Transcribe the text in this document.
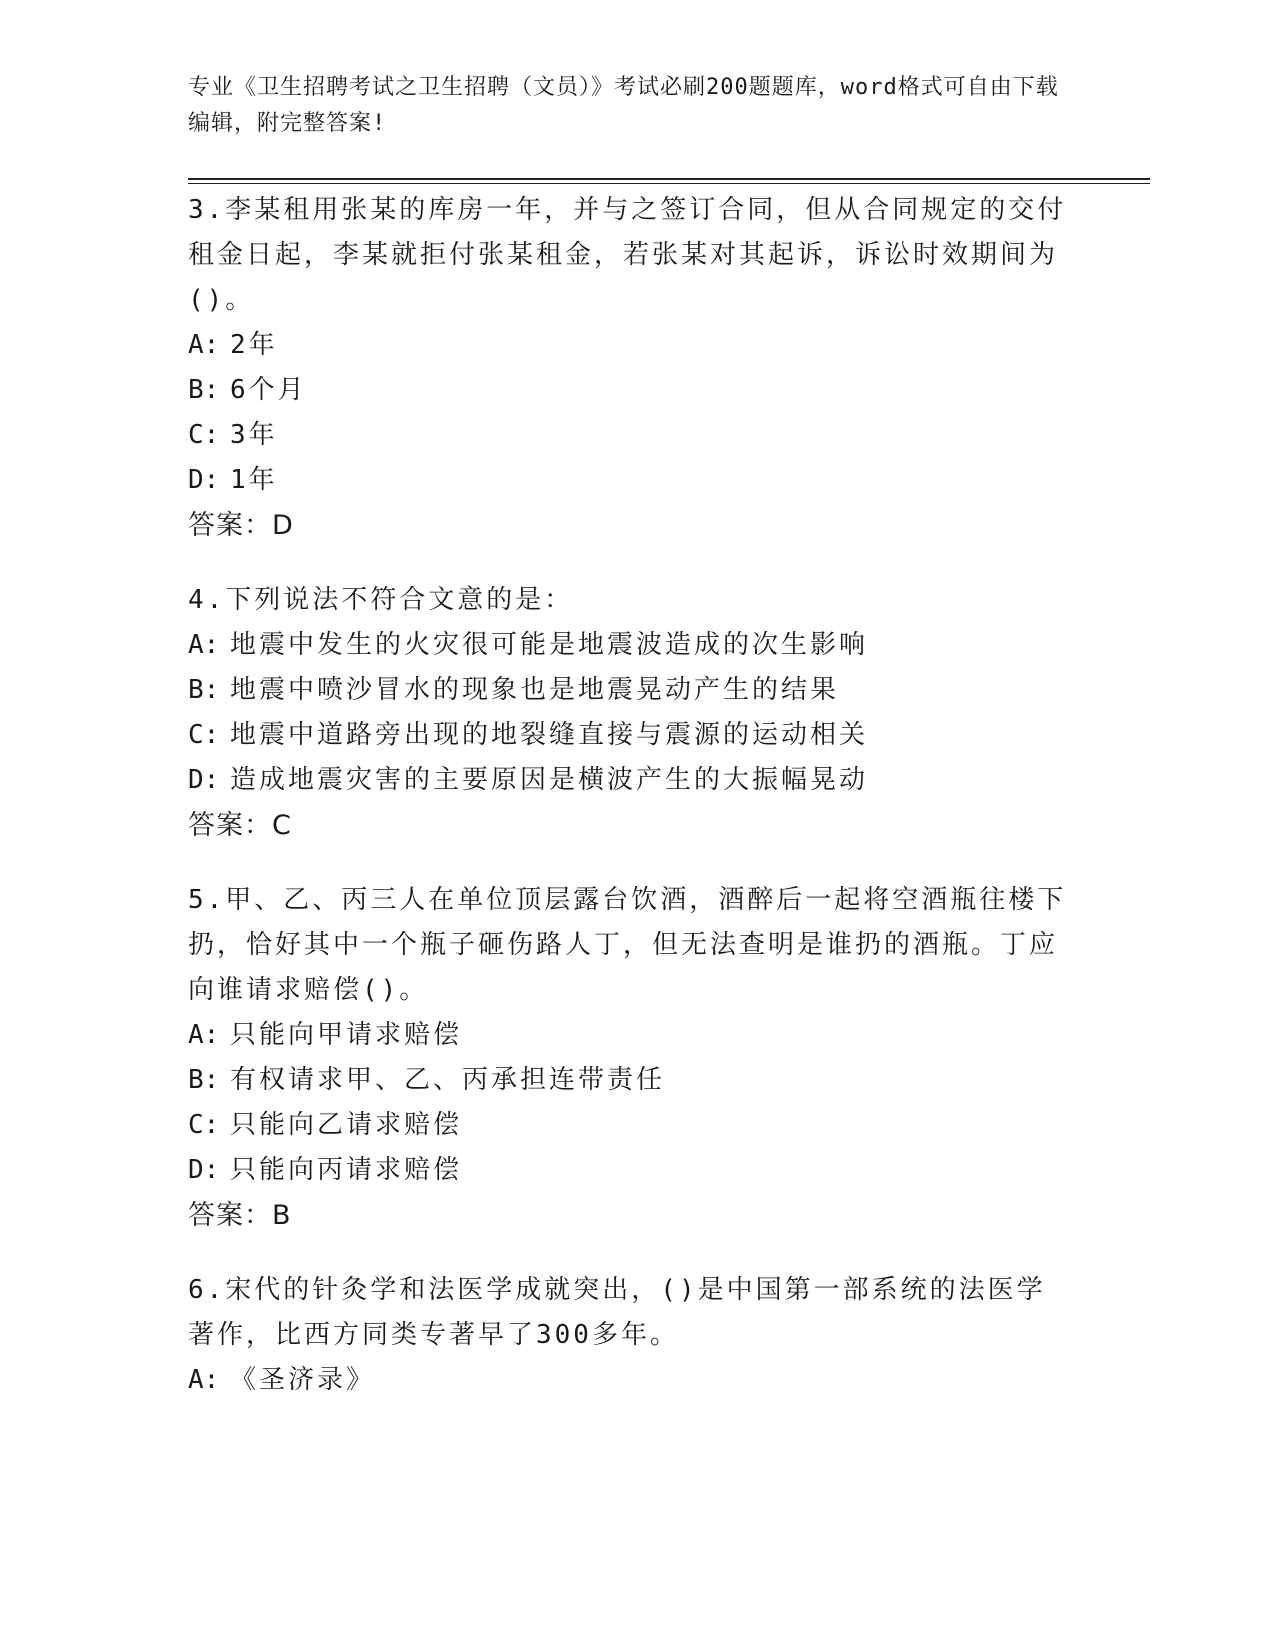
专业《卫生招聘考试之卫生招聘（文员）》考试必刷200题题库，word格式可自由下载编辑，附完整答案!
3.李某租用张某的库房一年，并与之签订合同，但从合同规定的交付租金日起，李某就拒付张某租金，若张某对其起诉，诉讼时效期间为()。
A: 2年
B: 6个月
C: 3年
D: 1年
答案：D
4.下列说法不符合文意的是：
A: 地震中发生的火灾很可能是地震波造成的次生影响
B: 地震中喷沙冒水的现象也是地震晃动产生的结果
C: 地震中道路旁出现的地裂缝直接与震源的运动相关
D: 造成地震灾害的主要原因是横波产生的大振幅晃动
答案：C
5.甲、乙、丙三人在单位顶层露台饮酒，酒醉后一起将空酒瓶往楼下扔，恰好其中一个瓶子砸伤路人丁，但无法查明是谁扔的酒瓶。丁应向谁请求赔偿()。
A: 只能向甲请求赔偿
B: 有权请求甲、乙、丙承担连带责任
C: 只能向乙请求赔偿
D: 只能向丙请求赔偿
答案：B
6.宋代的针灸学和法医学成就突出，()是中国第一部系统的法医学著作，比西方同类专著早了300多年。
A: 《圣济录》
